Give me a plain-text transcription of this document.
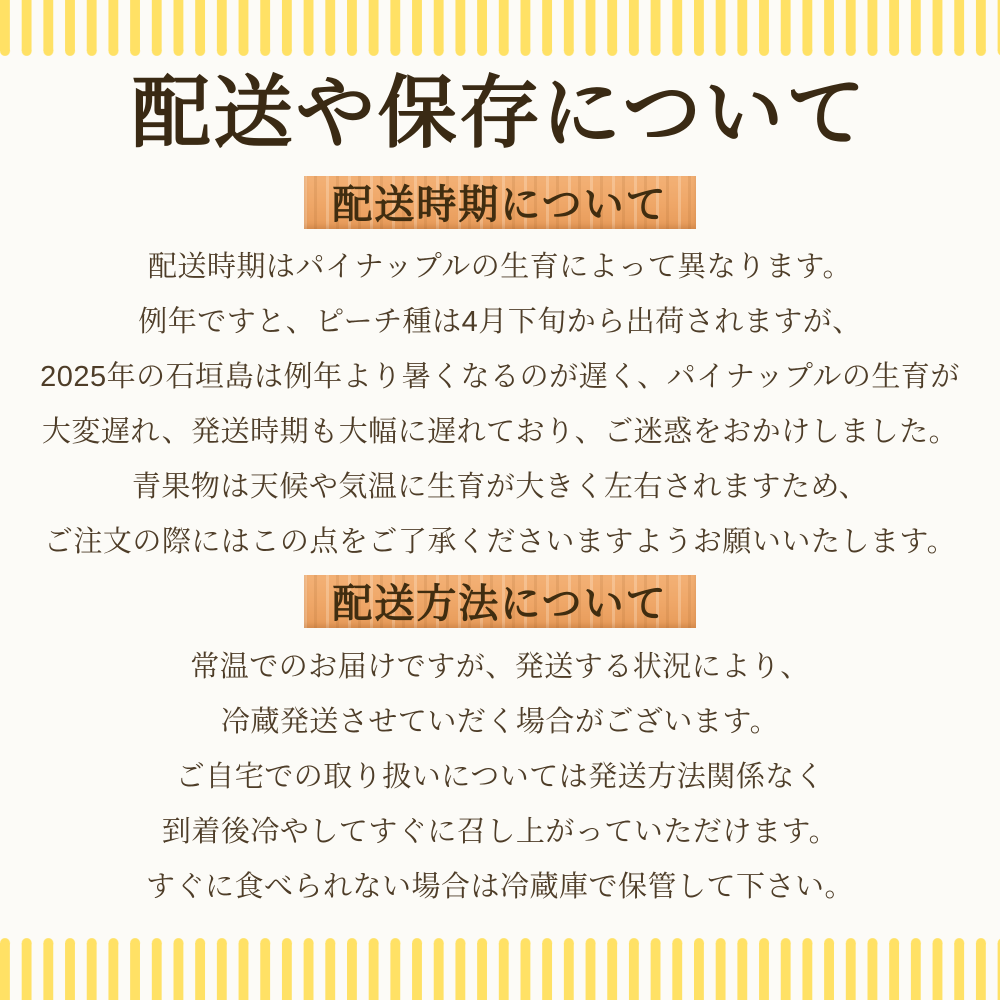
配送や保存について
配送時期について
配送時期はパイナップルの生育によって異なります。
例年ですと、ピーチ種は4月下旬から出荷されますが、
2025年の石垣島は例年より暑くなるのが遅く、パイナップルの生育が
大変遅れ、発送時期も大幅に遅れており、ご迷惑をおかけしました。
青果物は天候や気温に生育が大きく左右されますため、
ご注文の際にはこの点をご了承くださいますようお願いいたします。
配送方法について
常温でのお届けですが、発送する状況により、
冷蔵発送させていだく場合がございます。
ご自宅での取り扱いについては発送方法関係なく
到着後冷やしてすぐに召し上がっていただけます。
すぐに食べられない場合は冷蔵庫で保管して下さい。
